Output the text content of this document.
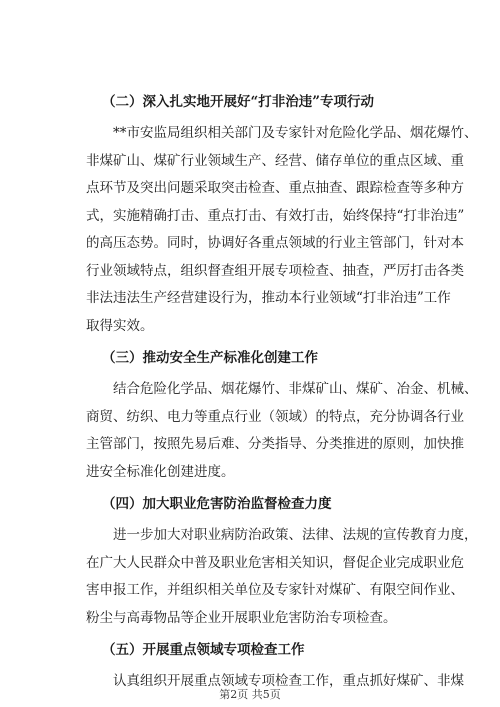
（二）深入扎实地开展好“打非治违”专项行动

**市安监局组织相关部门及专家针对危险化学品、烟花爆竹、
非煤矿山、煤矿行业领域生产、经营、储存单位的重点区域、重
点环节及突出问题采取突击检查、重点抽查、跟踪检查等多种方
式，实施精确打击、重点打击、有效打击，始终保持“打非治违”
的高压态势。同时，协调好各重点领域的行业主管部门，针对本
行业领域特点，组织督查组开展专项检查、抽查，严厉打击各类
非法违法生产经营建设行为，推动本行业领域“打非治违”工作
取得实效。

（三）推动安全生产标准化创建工作

结合危险化学品、烟花爆竹、非煤矿山、煤矿、冶金、机械、
商贸、纺织、电力等重点行业（领域）的特点，充分协调各行业
主管部门，按照先易后难、分类指导、分类推进的原则，加快推
进安全标准化创建进度。

（四）加大职业危害防治监督检查力度

进一步加大对职业病防治政策、法律、法规的宣传教育力度，
在广大人民群众中普及职业危害相关知识，督促企业完成职业危
害申报工作，并组织相关单位及专家针对煤矿、有限空间作业、
粉尘与高毒物品等企业开展职业危害防治专项检查。

（五）开展重点领域专项检查工作

认真组织开展重点领域专项检查工作，重点抓好煤矿、非煤

第2页 共5页
